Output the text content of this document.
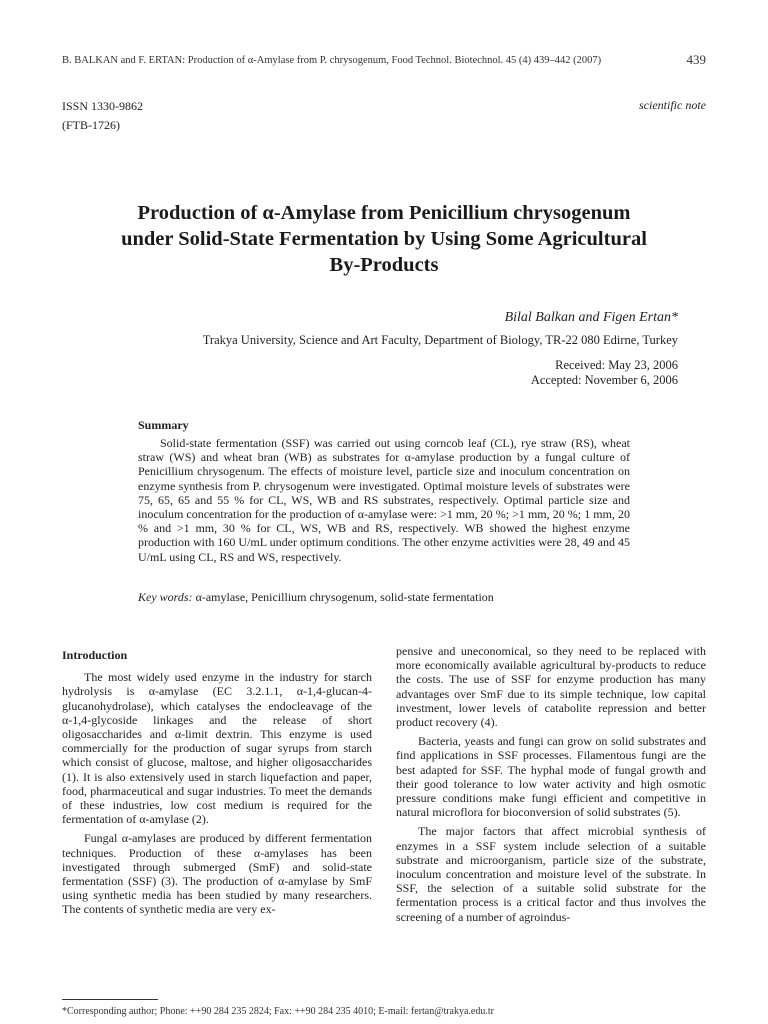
B. BALKAN and F. ERTAN: Production of α-Amylase from P. chrysogenum, Food Technol. Biotechnol. 45 (4) 439–442 (2007)	439
ISSN 1330-9862
(FTB-1726)
scientific note
Production of α-Amylase from Penicillium chrysogenum
under Solid-State Fermentation by Using Some Agricultural
By-Products
Bilal Balkan and Figen Ertan*
Trakya University, Science and Art Faculty, Department of Biology, TR-22 080 Edirne, Turkey
Received: May 23, 2006
Accepted: November 6, 2006
Summary

Solid-state fermentation (SSF) was carried out using corncob leaf (CL), rye straw (RS), wheat straw (WS) and wheat bran (WB) as substrates for α-amylase production by a fungal culture of Penicillium chrysogenum. The effects of moisture level, particle size and inoculum concentration on enzyme synthesis from P. chrysogenum were investigated. Optimal moisture levels of substrates were 75, 65, 65 and 55 % for CL, WS, WB and RS substrates, respectively. Optimal particle size and inoculum concentration for the production of α-amylase were: >1 mm, 20 %; >1 mm, 20 %; 1 mm, 20 % and >1 mm, 30 % for CL, WS, WB and RS, respectively. WB showed the highest enzyme production with 160 U/mL under optimum conditions. The other enzyme activities were 28, 49 and 45 U/mL using CL, RS and WS, respectively.

Key words: α-amylase, Penicillium chrysogenum, solid-state fermentation
Introduction

The most widely used enzyme in the industry for starch hydrolysis is α-amylase (EC 3.2.1.1, α-1,4-glucan-4-glucanohydrolase), which catalyses the endocleavage of the α-1,4-glycoside linkages and the release of short oligosaccharides and α-limit dextrin. This enzyme is used commercially for the production of sugar syrups from starch which consist of glucose, maltose, and higher oligosaccharides (1). It is also extensively used in starch liquefaction and paper, food, pharmaceutical and sugar industries. To meet the demands of these industries, low cost medium is required for the fermentation of α-amylase (2).

Fungal α-amylases are produced by different fermentation techniques. Production of these α-amylases has been investigated through submerged (SmF) and solid-state fermentation (SSF) (3). The production of α-amylase by SmF using synthetic media has been studied by many researchers. The contents of synthetic media are very ex-

pensive and uneconomical, so they need to be replaced with more economically available agricultural by-products to reduce the costs. The use of SSF for enzyme production has many advantages over SmF due to its simple technique, low capital investment, lower levels of catabolite repression and better product recovery (4).

Bacteria, yeasts and fungi can grow on solid substrates and find applications in SSF processes. Filamentous fungi are the best adapted for SSF. The hyphal mode of fungal growth and their good tolerance to low water activity and high osmotic pressure conditions make fungi efficient and competitive in natural microflora for bioconversion of solid substrates (5).

The major factors that affect microbial synthesis of enzymes in a SSF system include selection of a suitable substrate and microorganism, particle size of the substrate, inoculum concentration and moisture level of the substrate. In SSF, the selection of a suitable solid substrate for the fermentation process is a critical factor and thus involves the screening of a number of agroindus-

*Corresponding author; Phone: ++90 284 235 2824; Fax: ++90 284 235 4010; E-mail: fertan@trakya.edu.tr
